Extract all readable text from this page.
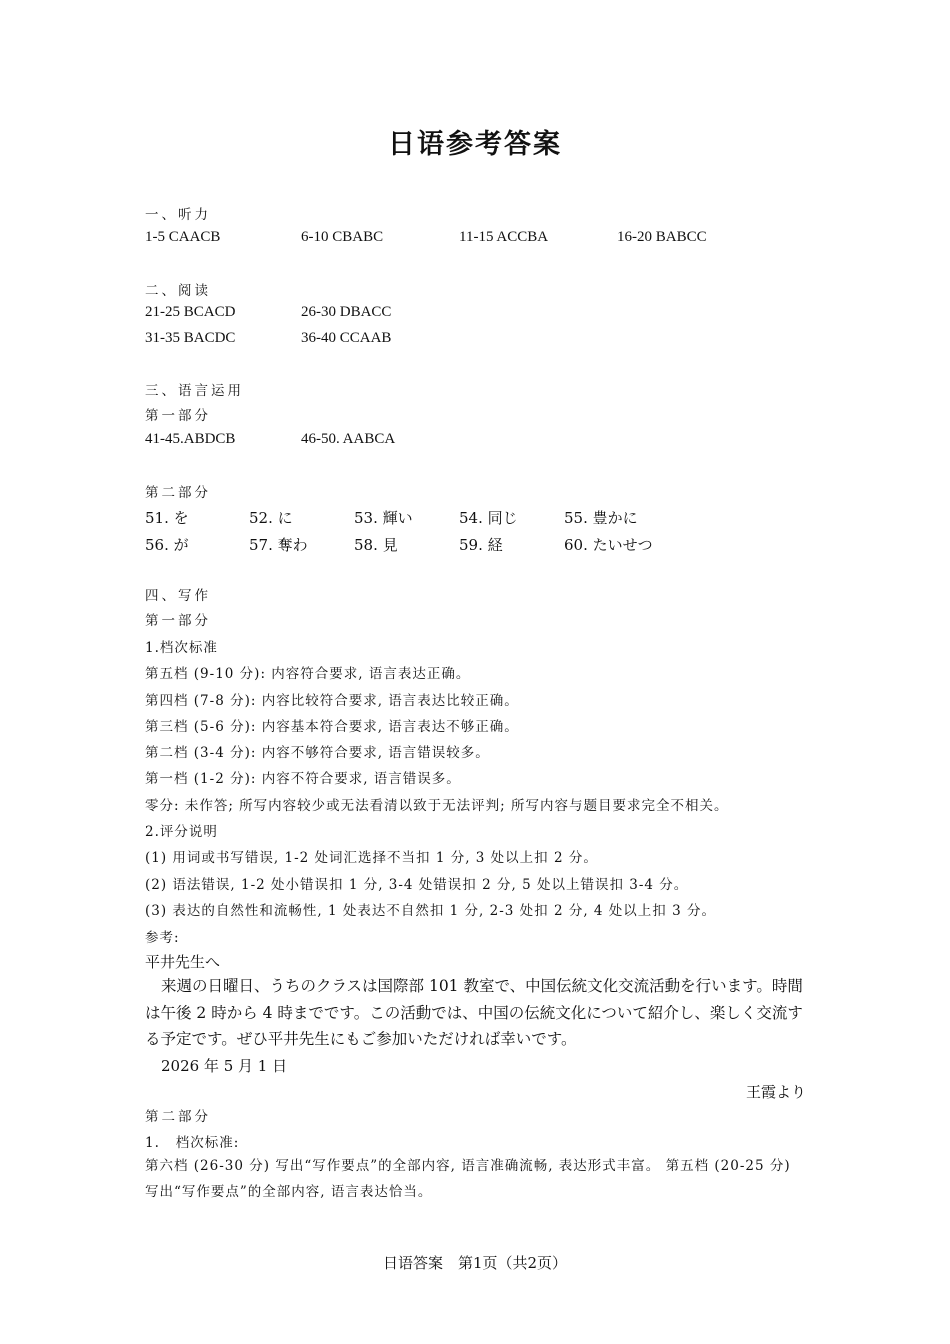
日语参考答案
一、听力
1-5 CAACB	6-10 CBABC	11-15 ACCBA	16-20 BABCC
二、阅读
21-25 BCACD	26-30 DBACC
31-35 BACDC	36-40 CCAAB
三、语言运用
第一部分
41-45.ABDCB	46-50. AABCA
第二部分
51. を	52. に	53. 輝い	54. 同じ	55. 豊かに
56. が	57. 奪わ	58. 見	59. 経	60. たいせつ
四、写作
第一部分
1.档次标准
第五档 (9-10 分): 内容符合要求, 语言表达正确。
第四档 (7-8 分): 内容比较符合要求, 语言表达比较正确。
第三档 (5-6 分): 内容基本符合要求, 语言表达不够正确。
第二档 (3-4 分): 内容不够符合要求, 语言错误较多。
第一档 (1-2 分): 内容不符合要求, 语言错误多。
零分: 未作答; 所写内容较少或无法看清以致于无法评判; 所写内容与题目要求完全不相关。
2.评分说明
(1) 用词或书写错误, 1-2 处词汇选择不当扣 1 分, 3 处以上扣 2 分。
(2) 语法错误, 1-2 处小错误扣 1 分, 3-4 处错误扣 2 分, 5 处以上错误扣 3-4 分。
(3) 表达的自然性和流畅性, 1 处表达不自然扣 1 分, 2-3 处扣 2 分, 4 处以上扣 3 分。
参考:
平井先生へ
来週の日曜日、うちのクラスは国際部 101 教室で、中国伝統文化交流活動を行います。時間は午後 2 時から 4 時までです。この活動では、中国の伝統文化について紹介し、楽しく交流する予定です。ぜひ平井先生にもご参加いただければ幸いです。
2026 年 5 月 1 日
王霞より
第二部分
1.   档次标准:
第六档 (26-30 分) 写出“写作要点”的全部内容, 语言准确流畅, 表达形式丰富。 第五档 (20-25 分) 写出“写作要点”的全部内容, 语言表达恰当。
日语答案　第1页（共2页）
